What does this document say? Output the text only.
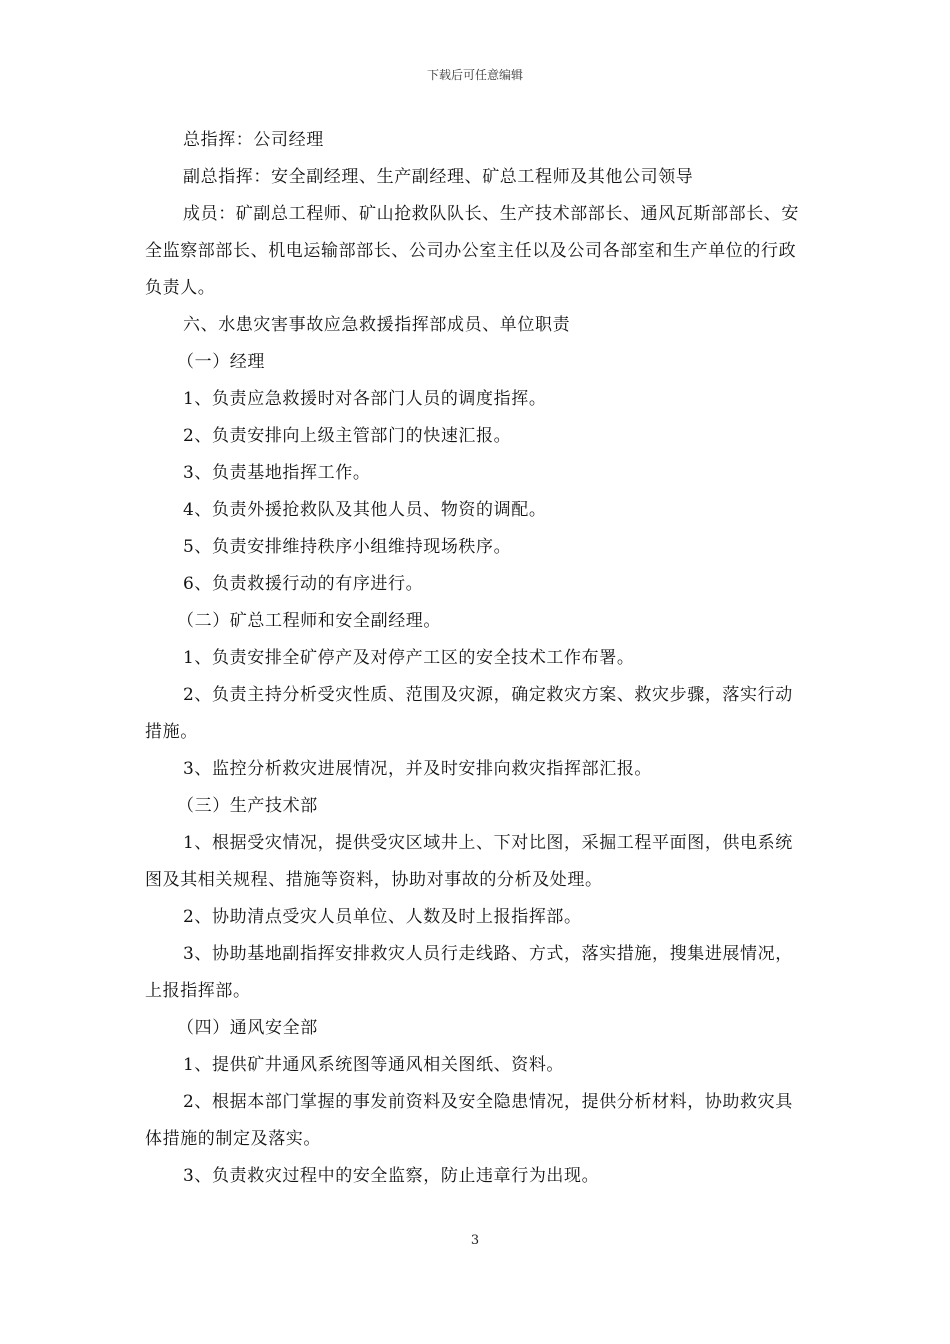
下载后可任意编辑

总指挥：公司经理

副总指挥：安全副经理、生产副经理、矿总工程师及其他公司领导

成员：矿副总工程师、矿山抢救队队长、生产技术部部长、通风瓦斯部部长、安全监察部部长、机电运输部部长、公司办公室主任以及公司各部室和生产单位的行政负责人。

六、水患灾害事故应急救援指挥部成员、单位职责

（一）经理

1、负责应急救援时对各部门人员的调度指挥。

2、负责安排向上级主管部门的快速汇报。

3、负责基地指挥工作。

4、负责外援抢救队及其他人员、物资的调配。

5、负责安排维持秩序小组维持现场秩序。

6、负责救援行动的有序进行。

（二）矿总工程师和安全副经理。

1、负责安排全矿停产及对停产工区的安全技术工作布署。

2、负责主持分析受灾性质、范围及灾源，确定救灾方案、救灾步骤，落实行动措施。

3、监控分析救灾进展情况，并及时安排向救灾指挥部汇报。

（三）生产技术部

1、根据受灾情况，提供受灾区域井上、下对比图，采掘工程平面图，供电系统图及其相关规程、措施等资料，协助对事故的分析及处理。

2、协助清点受灾人员单位、人数及时上报指挥部。

3、协助基地副指挥安排救灾人员行走线路、方式，落实措施，搜集进展情况，上报指挥部。

（四）通风安全部

1、提供矿井通风系统图等通风相关图纸、资料。

2、根据本部门掌握的事发前资料及安全隐患情况，提供分析材料，协助救灾具体措施的制定及落实。

3、负责救灾过程中的安全监察，防止违章行为出现。

3
